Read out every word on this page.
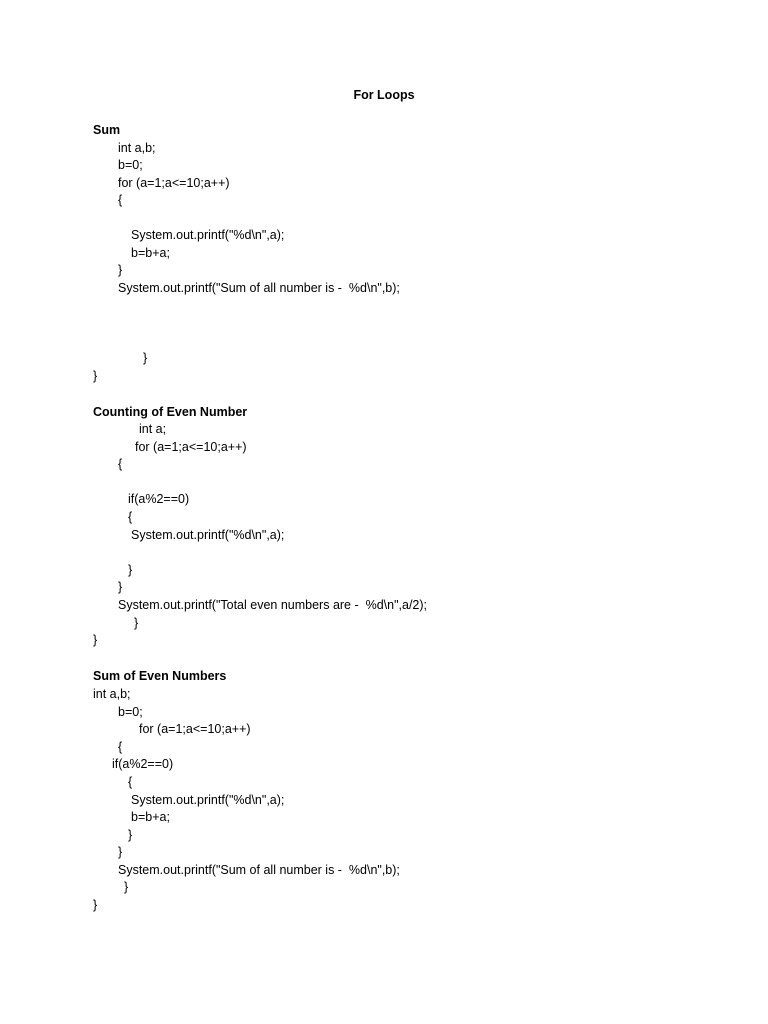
For Loops
Sum
int a,b;
b=0;
for (a=1;a<=10;a++)
{
System.out.printf("%d\n",a);
b=b+a;
}
System.out.printf("Sum of all number is -  %d\n",b);
}
}
Counting of Even Number
int a;
for (a=1;a<=10;a++)
{
if(a%2==0)
{
System.out.printf("%d\n",a);
}
}
System.out.printf("Total even numbers are -  %d\n",a/2);
}
}
Sum of Even Numbers
int a,b;
b=0;
for (a=1;a<=10;a++)
{
if(a%2==0)
{
System.out.printf("%d\n",a);
b=b+a;
}
}
System.out.printf("Sum of all number is -  %d\n",b);
}
}
